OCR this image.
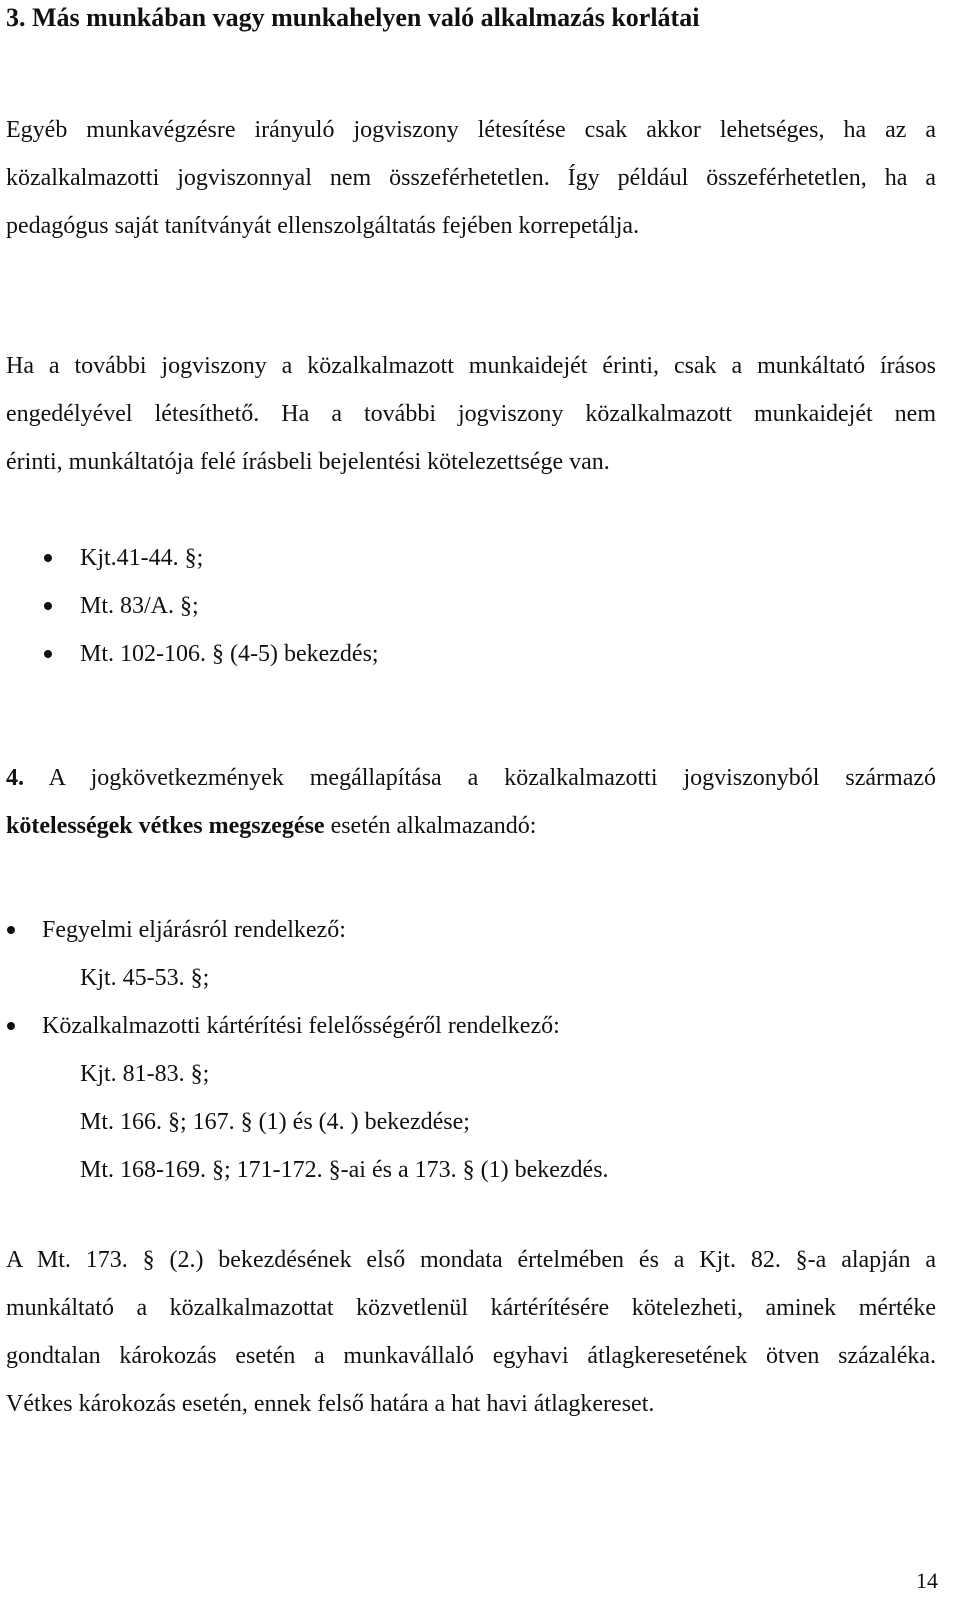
3. Más munkában vagy munkahelyen való alkalmazás korlátai
Egyéb munkavégzésre irányuló jogviszony létesítése csak akkor lehetséges, ha az a
közalkalmazotti jogviszonnyal nem összeférhetetlen. Így például összeférhetetlen, ha a
pedagógus saját tanítványát ellenszolgáltatás fejében korrepetálja.
Ha a további jogviszony a közalkalmazott munkaidejét érinti, csak a munkáltató írásos
engedélyével létesíthető. Ha a további jogviszony közalkalmazott munkaidejét nem
érinti, munkáltatója felé írásbeli bejelentési kötelezettsége van.
Kjt.41-44. §;
Mt. 83/A. §;
Mt. 102-106. § (4-5) bekezdés;
4. A jogkövetkezmények megállapítása a közalkalmazotti jogviszonyból származó
kötelességek vétkes megszegése esetén alkalmazandó:
Fegyelmi eljárásról rendelkező:
Kjt. 45-53. §;
Közalkalmazotti kártérítési felelősségéről rendelkező:
Kjt. 81-83. §;
Mt. 166. §; 167. § (1) és (4. ) bekezdése;
Mt. 168-169. §; 171-172. §-ai és a 173. § (1) bekezdés.
A Mt. 173. § (2.) bekezdésének első mondata értelmében és a Kjt. 82. §-a alapján a
munkáltató a közalkalmazottat közvetlenül kártérítésére kötelezheti, aminek mértéke
gondtalan károkozás esetén a munkavállaló egyhavi átlagkeresetének ötven százaléka.
Vétkes károkozás esetén, ennek felső határa a hat havi átlagkereset.
14
